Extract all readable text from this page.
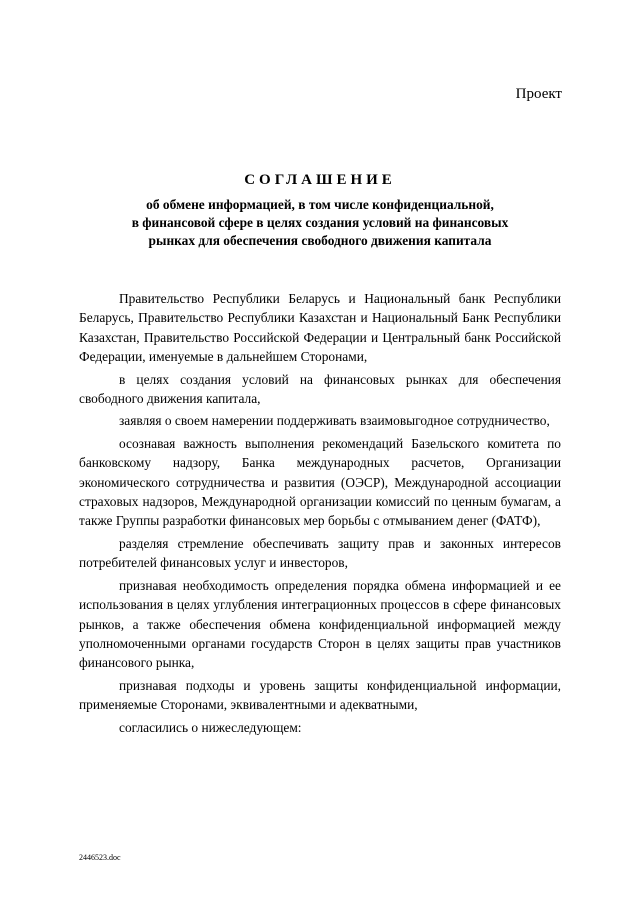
Проект
СОГЛАШЕНИЕ
об обмене информацией, в том числе конфиденциальной,
в финансовой сфере в целях создания условий на финансовых
рынках для обеспечения свободного движения капитала

Правительство Республики Беларусь и Национальный банк Республики Беларусь, Правительство Республики Казахстан и Национальный Банк Республики Казахстан, Правительство Российской Федерации и Центральный банк Российской Федерации, именуемые в дальнейшем Сторонами,

в целях создания условий на финансовых рынках для обеспечения свободного движения капитала,

заявляя о своем намерении поддерживать взаимовыгодное сотрудничество,

осознавая важность выполнения рекомендаций Базельского комитета по банковскому надзору, Банка международных расчетов, Организации экономического сотрудничества и развития (ОЭСР), Международной ассоциации страховых надзоров, Международной организации комиссий по ценным бумагам, а также Группы разработки финансовых мер борьбы с отмыванием денег (ФАТФ),

разделяя стремление обеспечивать защиту прав и законных интересов потребителей финансовых услуг и инвесторов,

признавая необходимость определения порядка обмена информацией и ее использования в целях углубления интеграционных процессов в сфере финансовых рынков, а также обеспечения обмена конфиденциальной информацией между уполномоченными органами государств Сторон в целях защиты прав участников финансового рынка,

признавая подходы и уровень защиты конфиденциальной информации, применяемые Сторонами, эквивалентными и адекватными,

согласились о нижеследующем:

2446523.doc
